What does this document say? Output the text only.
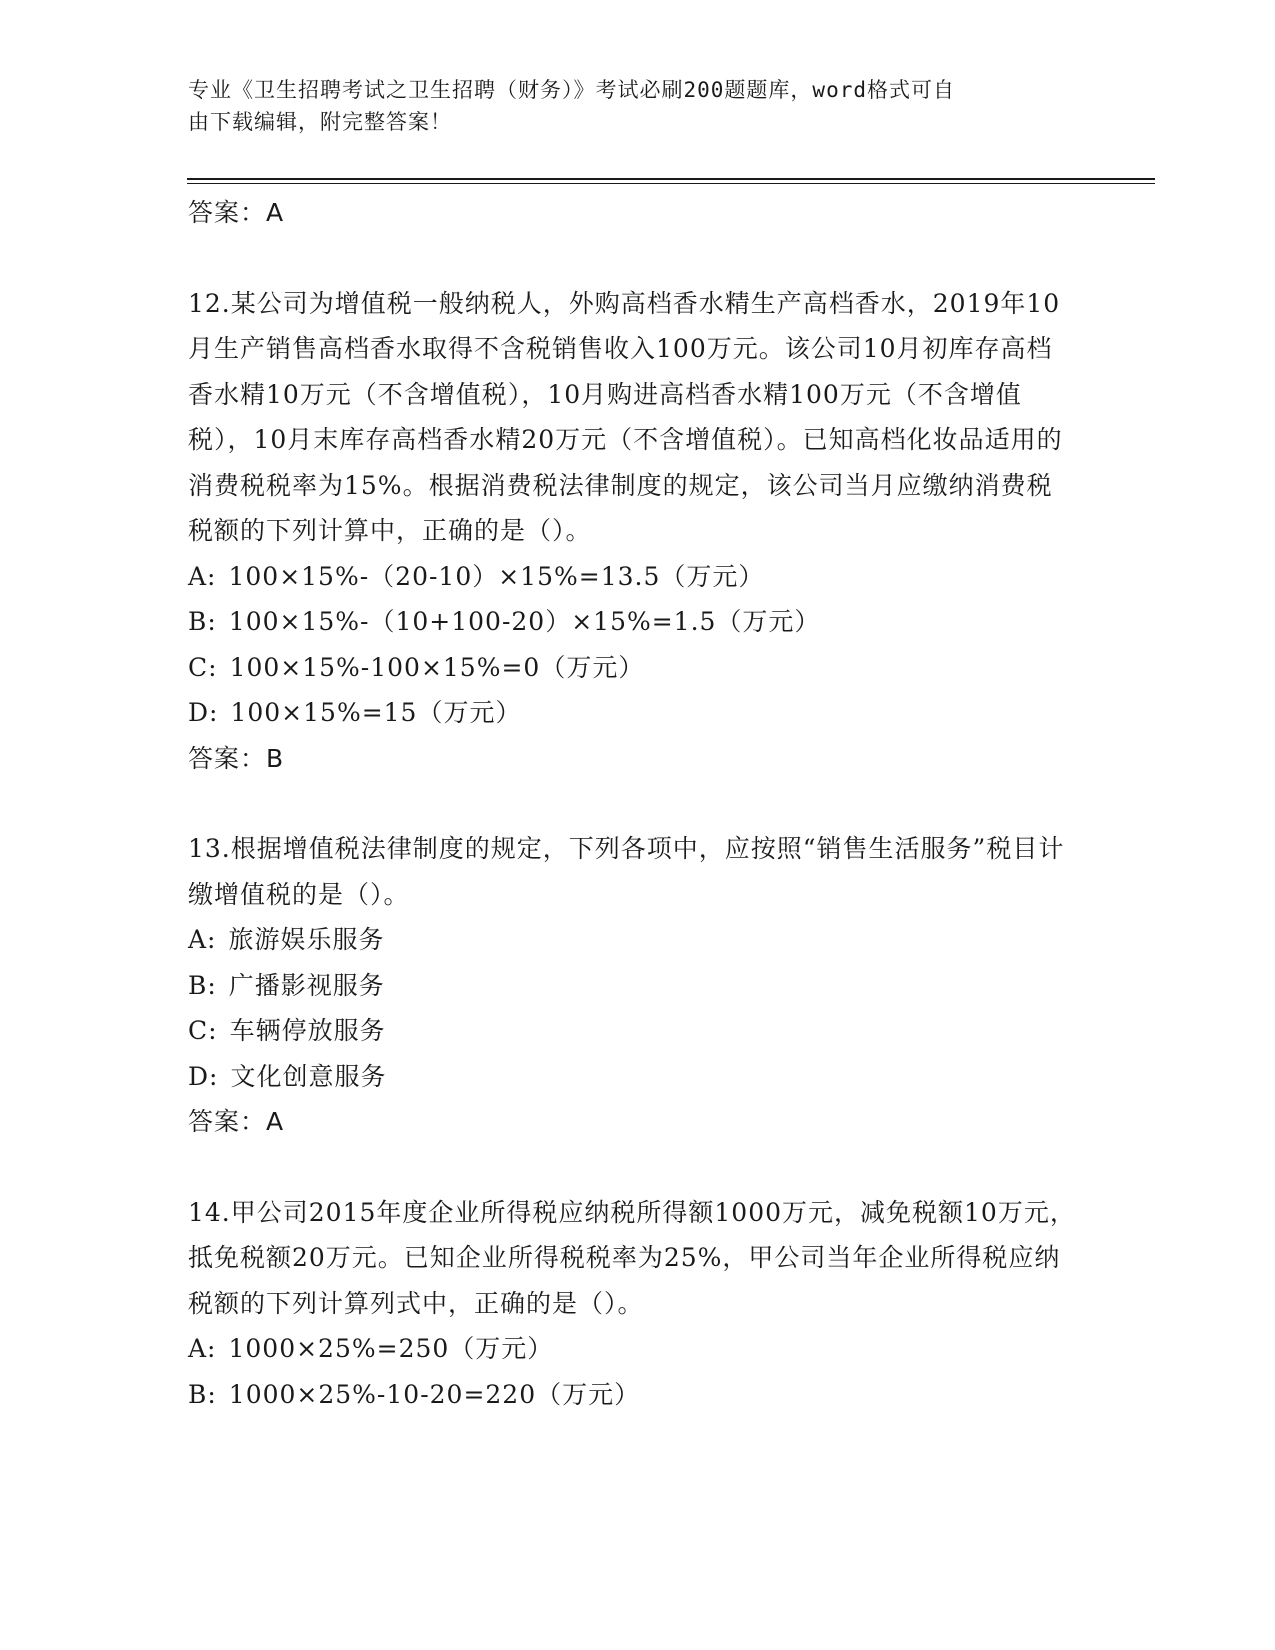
专业《卫生招聘考试之卫生招聘（财务）》考试必刷200题题库，word格式可自
由下载编辑，附完整答案！
答案：A
12.某公司为增值税一般纳税人，外购高档香水精生产高档香水，2019年10月生产销售高档香水取得不含税销售收入100万元。该公司10月初库存高档香水精10万元（不含增值税），10月购进高档香水精100万元（不含增值税），10月末库存高档香水精20万元（不含增值税）。已知高档化妆品适用的消费税税率为15%。根据消费税法律制度的规定，该公司当月应缴纳消费税税额的下列计算中，正确的是（）。
A: 100×15%-（20-10）×15%=13.5（万元）
B: 100×15%-（10+100-20）×15%=1.5（万元）
C: 100×15%-100×15%=0（万元）
D: 100×15%=15（万元）
答案：B
13.根据增值税法律制度的规定，下列各项中，应按照“销售生活服务”税目计缴增值税的是（）。
A: 旅游娱乐服务
B: 广播影视服务
C: 车辆停放服务
D: 文化创意服务
答案：A
14.甲公司2015年度企业所得税应纳税所得额1000万元，减免税额10万元，抵免税额20万元。已知企业所得税税率为25%，甲公司当年企业所得税应纳税额的下列计算列式中，正确的是（）。
A: 1000×25%=250（万元）
B: 1000×25%-10-20=220（万元）
